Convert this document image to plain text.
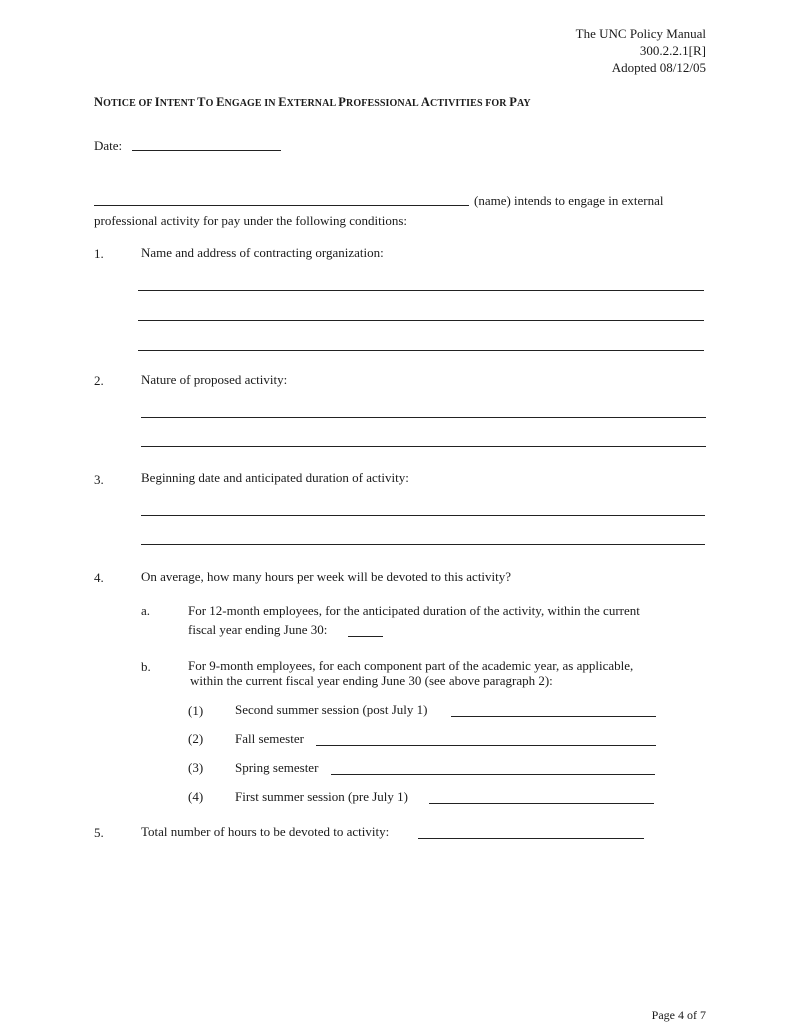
The UNC Policy Manual
300.2.2.1[R]
Adopted 08/12/05
NOTICE OF INTENT TO ENGAGE IN EXTERNAL PROFESSIONAL ACTIVITIES FOR PAY
Date:
(name) intends to engage in external
professional activity for pay under the following conditions:
1.	Name and address of contracting organization:
2.	Nature of proposed activity:
3.	Beginning date and anticipated duration of activity:
4.	On average, how many hours per week will be devoted to this activity?
a.	For 12-month employees, for the anticipated duration of the activity, within the current
fiscal year ending June 30:
b.	For 9-month employees, for each component part of the academic year, as applicable,
within the current fiscal year ending June 30 (see above paragraph 2):
(1) Second summer session (post July 1)
(2) Fall semester
(3) Spring semester
(4) First summer session (pre July 1)
5.	Total number of hours to be devoted to activity:
Page 4 of 7
